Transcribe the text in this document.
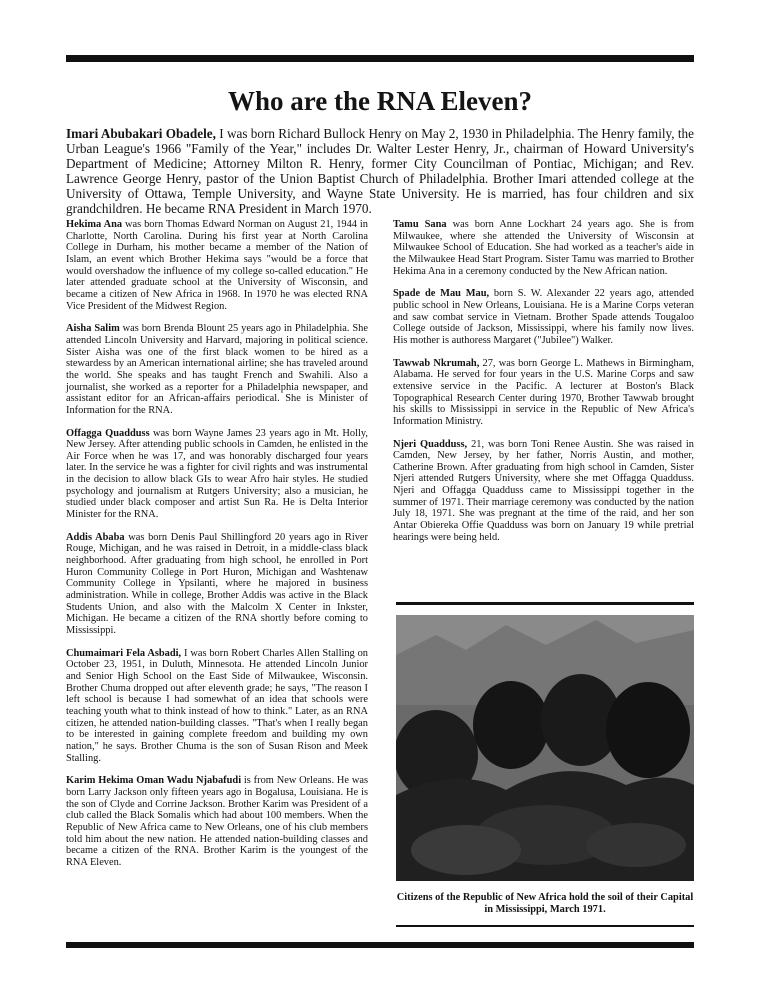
Who are the RNA Eleven?

Imari Abubakari Obadele, I was born Richard Bullock Henry on May 2, 1930 in Philadelphia. The Henry family, the Urban League's 1966 "Family of the Year," includes Dr. Walter Lester Henry, Jr., chairman of Howard University's Department of Medicine; Attorney Milton R. Henry, former City Councilman of Pontiac, Michigan; and Rev. Lawrence George Henry, pastor of the Union Baptist Church of Philadelphia. Brother Imari attended college at the University of Ottawa, Temple University, and Wayne State University. He is married, has four children and six grandchildren. He became RNA President in March 1970.

Hekima Ana was born Thomas Edward Norman on August 21, 1944 in Charlotte, North Carolina. During his first year at North Carolina College in Durham, his mother became a member of the Nation of Islam, an event which Brother Hekima says "would be a force that would overshadow the influence of my college so-called education." He later attended graduate school at the University of Wisconsin, and became a citizen of New Africa in 1968. In 1970 he was elected RNA Vice President of the Midwest Region.

Aisha Salim was born Brenda Blount 25 years ago in Philadelphia. She attended Lincoln University and Harvard, majoring in political science. Sister Aisha was one of the first black women to be hired as a stewardess by an American international airline; she has traveled around the world. She speaks and has taught French and Swahili. Also a journalist, she worked as a reporter for a Philadelphia newspaper, and assistant editor for an African-affairs periodical. She is Minister of Information for the RNA.

Offagga Quadduss was born Wayne James 23 years ago in Mt. Holly, New Jersey. After attending public schools in Camden, he enlisted in the Air Force when he was 17, and was honorably discharged four years later. In the service he was a fighter for civil rights and was instrumental in the decision to allow black GIs to wear Afro hair styles. He studied psychology and journalism at Rutgers University; also a musician, he studied under black composer and artist Sun Ra. He is Delta Interior Minister for the RNA.

Addis Ababa was born Denis Paul Shillingford 20 years ago in River Rouge, Michigan, and he was raised in Detroit, in a middle-class black neighborhood. After graduating from high school, he enrolled in Port Huron Community College in Port Huron, Michigan and Washtenaw Community College in Ypsilanti, where he majored in business administration. While in college, Brother Addis was active in the Black Students Union, and also with the Malcolm X Center in Inkster, Michigan. He became a citizen of the RNA shortly before coming to Mississippi.

Chumaimari Fela Asbadi, I was born Robert Charles Allen Stalling on October 23, 1951, in Duluth, Minnesota. He attended Lincoln Junior and Senior High School on the East Side of Milwaukee, Wisconsin. Brother Chuma dropped out after eleventh grade; he says, "The reason I left school is because I had somewhat of an idea that schools were teaching youth what to think instead of how to think." Later, as an RNA citizen, he attended nation-building classes. "That's when I really began to be interested in gaining complete freedom and building my own nation," he says. Brother Chuma is the son of Susan Rison and Meek Stalling.

Karim Hekima Oman Wadu Njabafudi is from New Orleans. He was born Larry Jackson only fifteen years ago in Bogalusa, Louisiana. He is the son of Clyde and Corrine Jackson. Brother Karim was President of a club called the Black Somalis which had about 100 members. When the Republic of New Africa came to New Orleans, one of his club members told him about the new nation. He attended nation-building classes and became a citizen of the RNA. Brother Karim is the youngest of the RNA Eleven.

Tamu Sana was born Anne Lockhart 24 years ago. She is from Milwaukee, where she attended the University of Wisconsin at Milwaukee School of Education. She had worked as a teacher's aide in the Milwaukee Head Start Program. Sister Tamu was married to Brother Hekima Ana in a ceremony conducted by the New African nation.

Spade de Mau Mau, born S. W. Alexander 22 years ago, attended public school in New Orleans, Louisiana. He is a Marine Corps veteran and saw combat service in Vietnam. Brother Spade attends Tougaloo College outside of Jackson, Mississippi, where his family now lives. His mother is authoress Margaret ("Jubilee") Walker.

Tawwab Nkrumah, 27, was born George L. Mathews in Birmingham, Alabama. He served for four years in the U.S. Marine Corps and saw extensive service in the Pacific. A lecturer at Boston's Black Topographical Research Center during 1970, Brother Tawwab brought his skills to Mississippi in service in the Republic of New Africa's Information Ministry.

Njeri Quadduss, 21, was born Toni Renee Austin. She was raised in Camden, New Jersey, by her father, Norris Austin, and mother, Catherine Brown. After graduating from high school in Camden, Sister Njeri attended Rutgers University, where she met Offagga Quadduss. Njeri and Offagga Quadduss came to Mississippi together in the summer of 1971. Their marriage ceremony was conducted by the nation July 18, 1971. She was pregnant at the time of the raid, and her son Antar Obiereka Offie Quadduss was born on January 19 while pretrial hearings were being held.

Citizens of the Republic of New Africa hold the soil of their Capital in Mississippi, March 1971.
